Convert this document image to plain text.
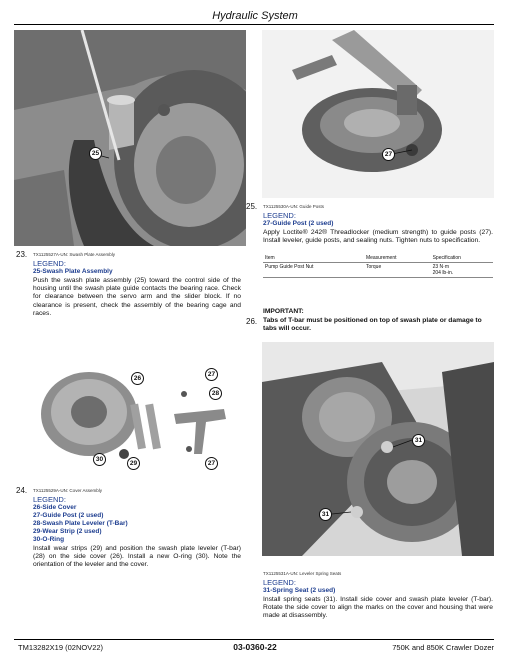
Hydraulic System
25	27
25. TX1125530A-UN: Guide Posts
LEGEND:
27-Guide Post (2 used)
Apply Loctite® 242® Threadlocker (medium strength) to guide posts (27). Install leveler, guide posts, and sealing nuts. Tighten nuts to specification.
Item	Measurement	Specification
Pump Guide Post Nut	Torque	23 N·m
204 lb-in.
23. TX1125527A-UN: Swash Plate Assembly
LEGEND:
25-Swash Plate Assembly
Push the swash plate assembly (25) toward the control side of the housing until the swash plate guide contacts the bearing race. Check for clearance between the servo arm and the slider block. If no clearance is present, check the assembly of the bearing cage and races.	IMPORTANT:
26. Tabs of T-bar must be positioned on top of swash plate or damage to tabs will occur.
26
27
28
29
30
27
24. TX1125529A-UN: Cover Assembly
LEGEND:
26-Side Cover
27-Guide Post (2 used)
28-Swash Plate Leveler (T-Bar)
29-Wear Strip (2 used)
30-O-Ring
Install wear strips (29) and position the swash plate leveler (T-bar) (28) on the side cover (26). Install a new O-ring (30). Note the orientation of the leveler and the cover.
31
31
TX1125531A-UN: Leveler Spring Seats
LEGEND:
31-Spring Seat (2 used)
Install spring seats (31). Install side cover and swash plate leveler (T-bar). Rotate the side cover to align the marks on the cover and housing that were made at disassembly.
TM13282X19 (02NOV22)	03-0360-22	750K and 850K Crawler Dozer
